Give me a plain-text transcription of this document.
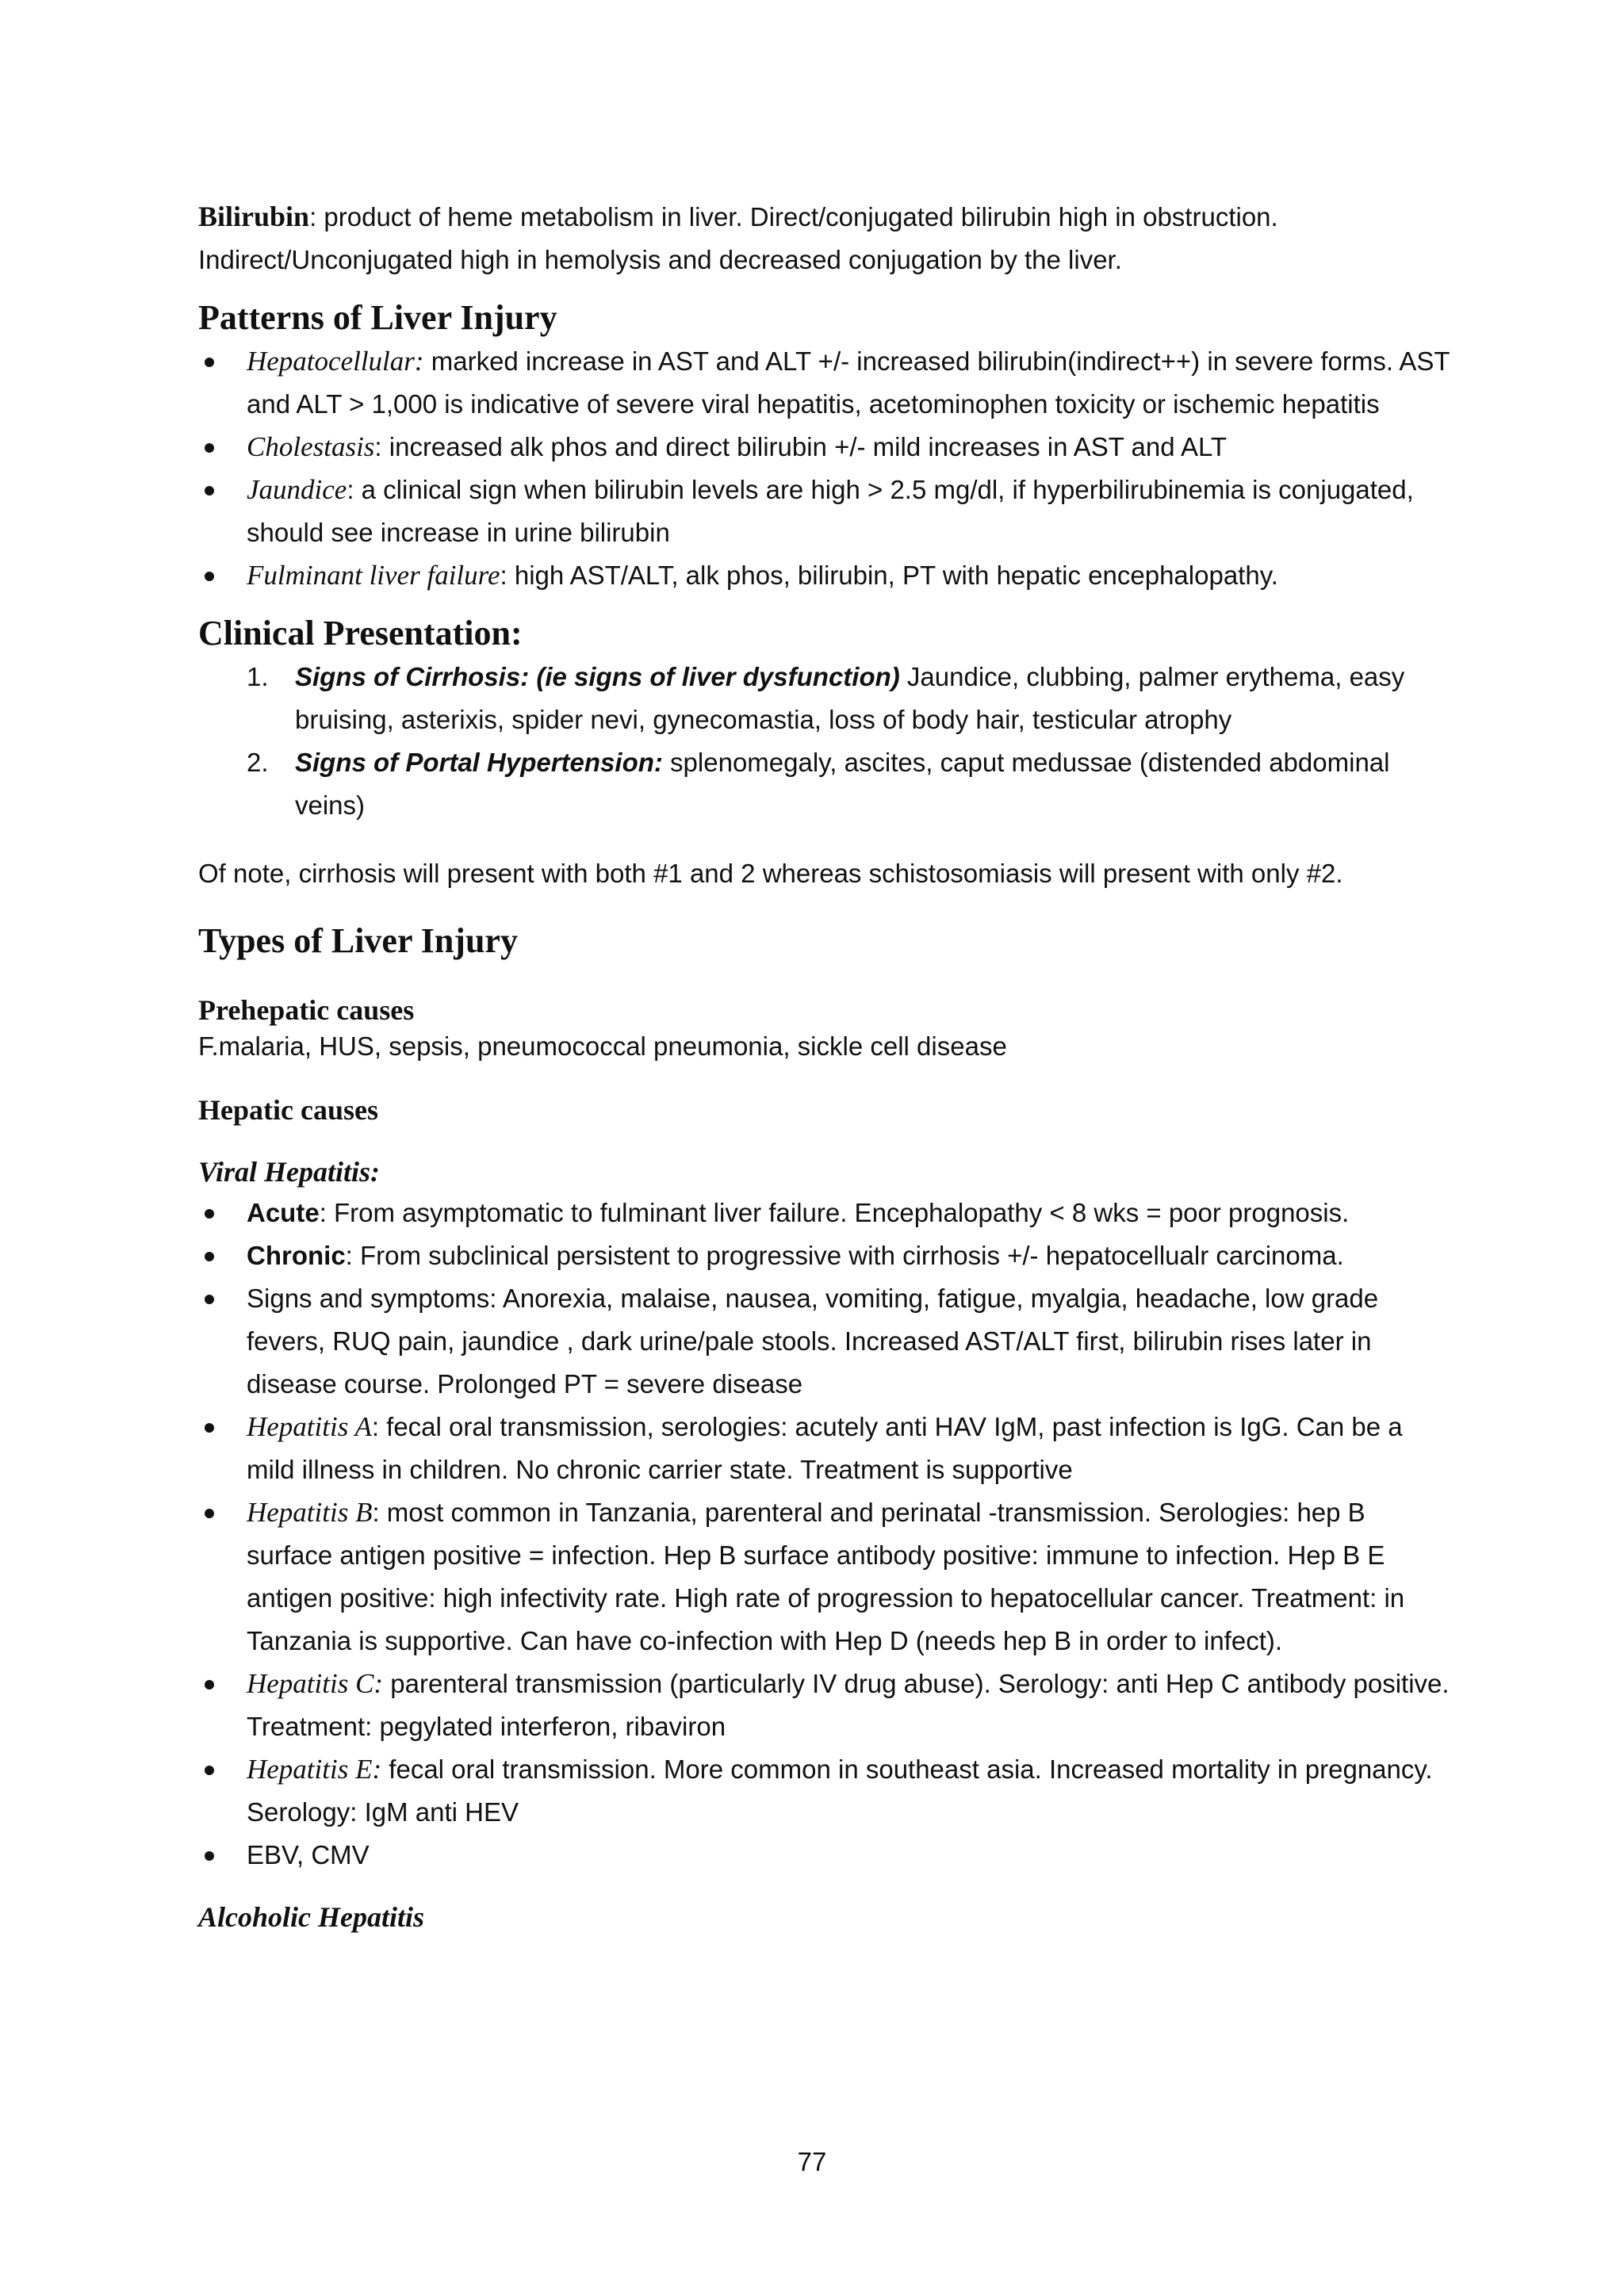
Bilirubin: product of heme metabolism in liver. Direct/conjugated bilirubin high in obstruction. Indirect/Unconjugated high in hemolysis and decreased conjugation by the liver.

Patterns of Liver Injury
Hepatocellular: marked increase in AST and ALT +/- increased bilirubin(indirect++) in severe forms. AST and ALT > 1,000 is indicative of severe viral hepatitis, acetominophen toxicity or ischemic hepatitis
Cholestasis: increased alk phos and direct bilirubin +/- mild increases in AST and ALT
Jaundice: a clinical sign when bilirubin levels are high > 2.5 mg/dl, if hyperbilirubinemia is conjugated, should see increase in urine bilirubin
Fulminant liver failure: high AST/ALT, alk phos, bilirubin, PT with hepatic encephalopathy.
Clinical Presentation:
1. Signs of Cirrhosis: (ie signs of liver dysfunction) Jaundice, clubbing, palmer erythema, easy bruising, asterixis, spider nevi, gynecomastia, loss of body hair, testicular atrophy
2. Signs of Portal Hypertension: splenomegaly, ascites, caput medussae (distended abdominal veins)

Of note, cirrhosis will present with both #1 and 2 whereas schistosomiasis will present with only #2.

Types of Liver Injury
Prehepatic causes

F.malaria, HUS, sepsis, pneumococcal pneumonia, sickle cell disease

Hepatic causes
Viral Hepatitis:
Acute: From asymptomatic to fulminant liver failure. Encephalopathy < 8 wks = poor prognosis.
Chronic: From subclinical persistent to progressive with cirrhosis +/- hepatocellualr carcinoma.
Signs and symptoms: Anorexia, malaise, nausea, vomiting, fatigue, myalgia, headache, low grade fevers, RUQ pain, jaundice , dark urine/pale stools. Increased AST/ALT first, bilirubin rises later in disease course. Prolonged PT = severe disease
Hepatitis A: fecal oral transmission, serologies: acutely anti HAV IgM, past infection is IgG. Can be a mild illness in children. No chronic carrier state. Treatment is supportive
Hepatitis B: most common in Tanzania, parenteral and perinatal -transmission. Serologies: hep B surface antigen positive = infection. Hep B surface antibody positive: immune to infection. Hep B E antigen positive: high infectivity rate. High rate of progression to hepatocellular cancer. Treatment: in Tanzania is supportive. Can have co-infection with Hep D (needs hep B in order to infect).
Hepatitis C: parenteral transmission (particularly IV drug abuse). Serology: anti Hep C antibody positive. Treatment: pegylated interferon, ribaviron
Hepatitis E: fecal oral transmission. More common in southeast asia. Increased mortality in pregnancy. Serology: IgM anti HEV
EBV, CMV
Alcoholic Hepatitis
77
